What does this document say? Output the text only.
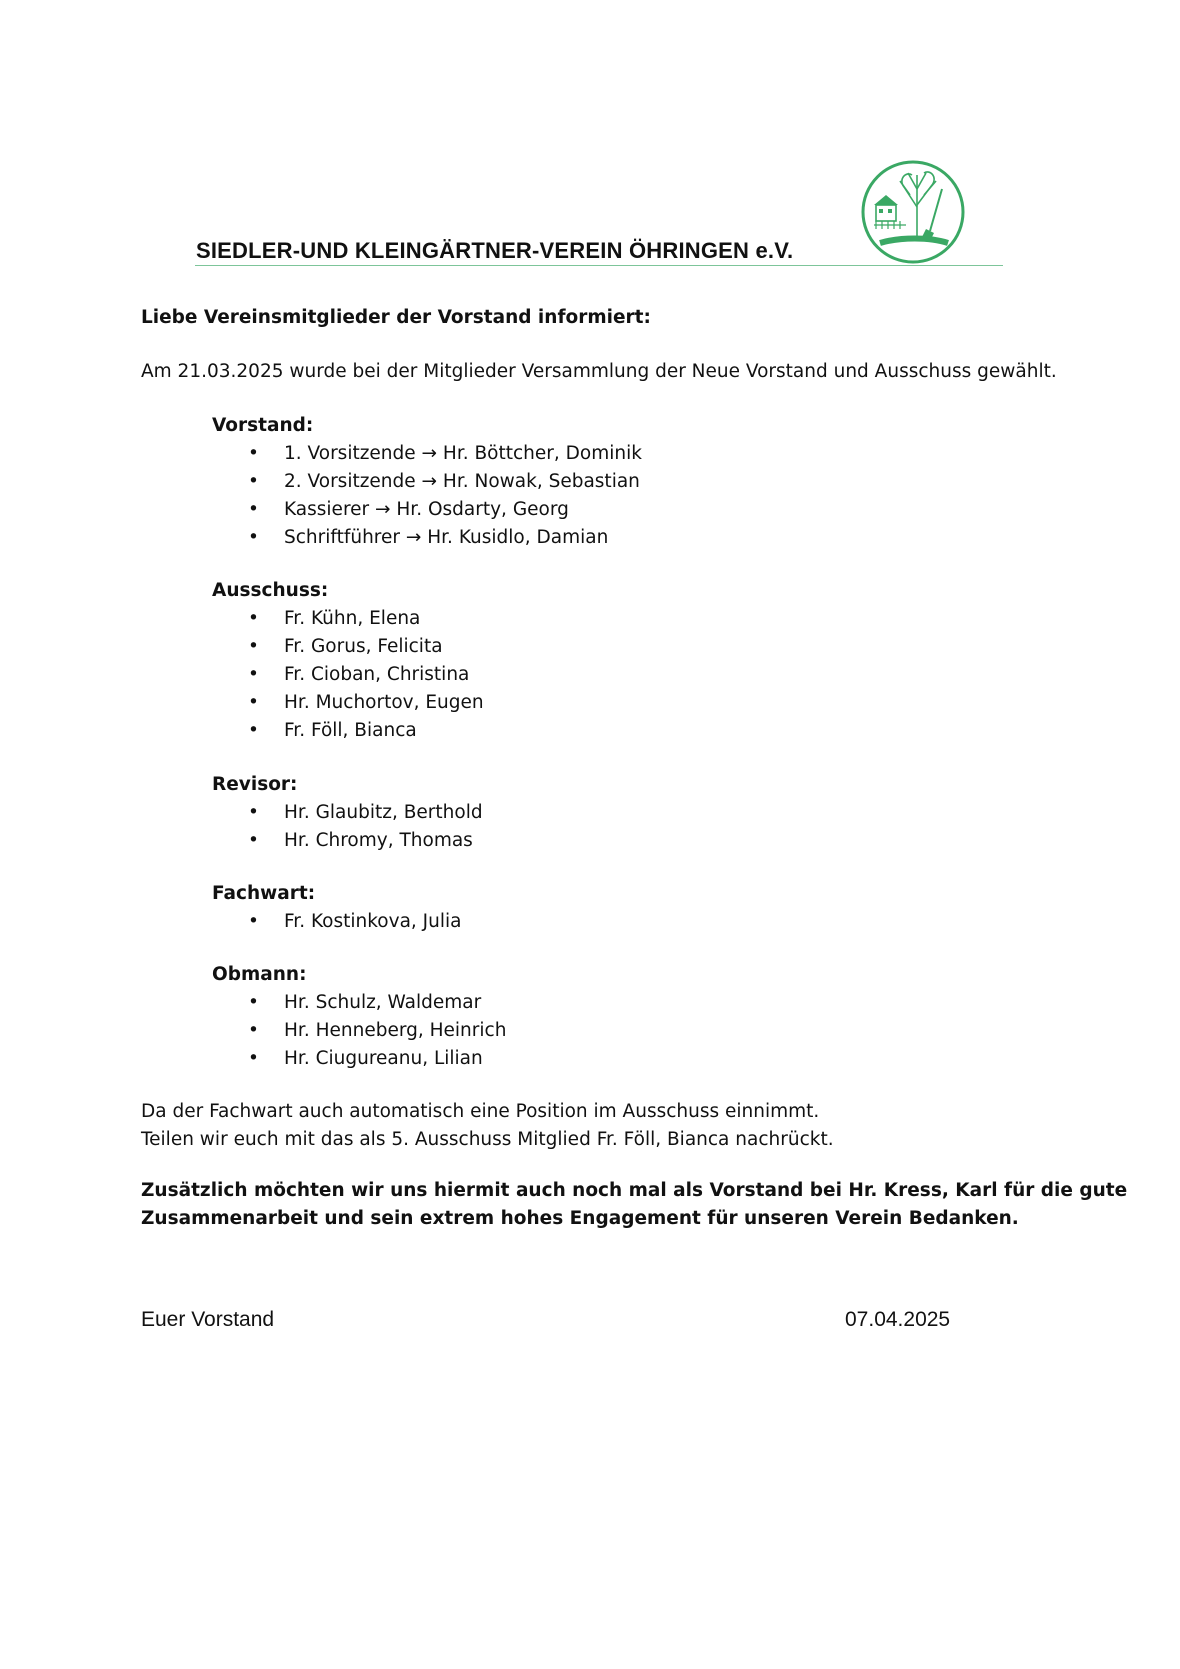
SIEDLER-UND KLEINGÄRTNER-VEREIN ÖHRINGEN e.V.
Liebe Vereinsmitglieder der Vorstand informiert:
Am 21.03.2025 wurde bei der Mitglieder Versammlung der Neue Vorstand und Ausschuss gewählt.
Vorstand:
• 1. Vorsitzende → Hr. Böttcher, Dominik
• 2. Vorsitzende → Hr. Nowak, Sebastian
• Kassierer → Hr. Osdarty, Georg
• Schriftführer → Hr. Kusidlo, Damian
Ausschuss:
• Fr. Kühn, Elena
• Fr. Gorus, Felicita
• Fr. Cioban, Christina
• Hr. Muchortov, Eugen
• Fr. Föll, Bianca
Revisor:
• Hr. Glaubitz, Berthold
• Hr. Chromy, Thomas
Fachwart:
• Fr. Kostinkova, Julia
Obmann:
• Hr. Schulz, Waldemar
• Hr. Henneberg, Heinrich
• Hr. Ciugureanu, Lilian
Da der Fachwart auch automatisch eine Position im Ausschuss einnimmt.
Teilen wir euch mit das als 5. Ausschuss Mitglied Fr. Föll, Bianca nachrückt.
Zusätzlich möchten wir uns hiermit auch noch mal als Vorstand bei Hr. Kress, Karl für die gute
Zusammenarbeit und sein extrem hohes Engagement für unseren Verein Bedanken.
Euer Vorstand	07.04.2025
